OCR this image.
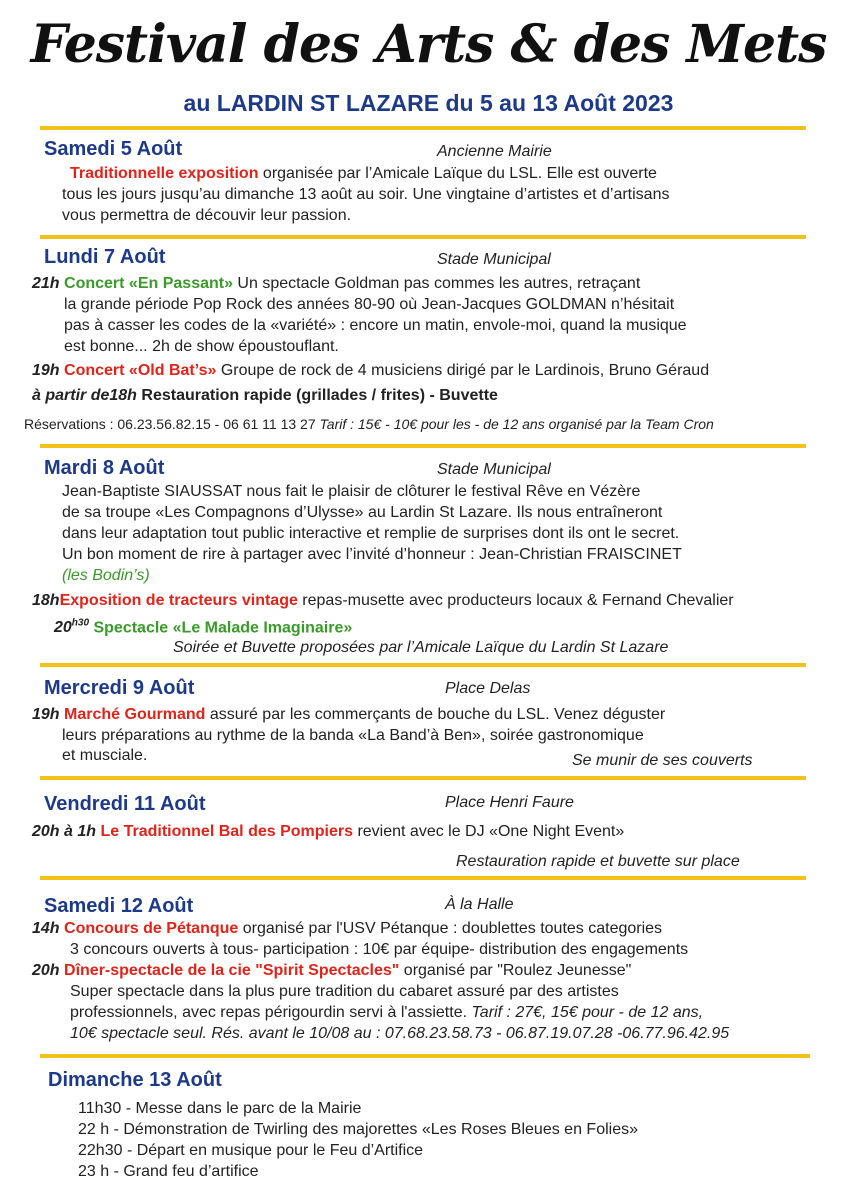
Festival des Arts & des Mets
au LARDIN ST LAZARE du 5 au 13 Août 2023
Samedi 5 Août	Ancienne Mairie
Traditionnelle exposition organisée par l’Amicale Laïque du LSL. Elle est ouverte
tous les jours jusqu’au dimanche 13 août au soir. Une vingtaine d’artistes et d’artisans
vous permettra de découvir leur passion.
Lundi 7 Août	Stade Municipal
21h Concert «En Passant» Un spectacle Goldman pas commes les autres, retraçant
la grande période Pop Rock des années 80-90 où Jean-Jacques GOLDMAN n’hésitait
pas à casser les codes de la «variété» : encore un matin, envole-moi, quand la musique
est bonne... 2h de show époustouflant.
19h Concert «Old Bat’s» Groupe de rock de 4 musiciens dirigé par le Lardinois, Bruno Géraud
à partir de18h Restauration rapide (grillades / frites) - Buvette
Réservations : 06.23.56.82.15 - 06 61 11 13 27 Tarif : 15€ - 10€ pour les - de 12 ans organisé par la Team Cron
Mardi 8 Août	Stade Municipal
Jean-Baptiste SIAUSSAT nous fait le plaisir de clôturer le festival Rêve en Vézère
de sa troupe «Les Compagnons d’Ulysse» au Lardin St Lazare. Ils nous entraîneront
dans leur adaptation tout public interactive et remplie de surprises dont ils ont le secret.
Un bon moment de rire à partager avec l’invité d’honneur : Jean-Christian FRAISCINET
(les Bodin’s)
18hExposition de tracteurs vintage repas-musette avec producteurs locaux & Fernand Chevalier
$20^{h30}$ Spectacle «Le Malade Imaginaire»
Soirée et Buvette proposées par l’Amicale Laïque du Lardin St Lazare
Mercredi 9 Août	Place Delas
19h Marché Gourmand assuré par les commerçants de bouche du LSL. Venez déguster
leurs préparations au rythme de la banda «La Band’à Ben», soirée gastronomique
et musciale.	Se munir de ses couverts
Vendredi 11 Août	Place Henri Faure
20h à 1h Le Traditionnel Bal des Pompiers revient avec le DJ «One Night Event»
Restauration rapide et buvette sur place
Samedi 12 Août	À la Halle
14h Concours de Pétanque organisé par l'USV Pétanque : doublettes toutes categories
3 concours ouverts à tous- participation : 10€ par équipe- distribution des engagements
20h Dîner-spectacle de la cie "Spirit Spectacles" organisé par "Roulez Jeunesse"
Super spectacle dans la plus pure tradition du cabaret assuré par des artistes
professionnels, avec repas périgourdin servi à l'assiette. Tarif : 27€, 15€ pour - de 12 ans,
10€ spectacle seul. Rés. avant le 10/08 au : 07.68.23.58.73 - 06.87.19.07.28 -06.77.96.42.95
Dimanche 13 Août
11h30 - Messe dans le parc de la Mairie
22 h - Démonstration de Twirling des majorettes «Les Roses Bleues en Folies»
22h30 - Départ en musique pour le Feu d’Artifice
23 h - Grand feu d’artifice
